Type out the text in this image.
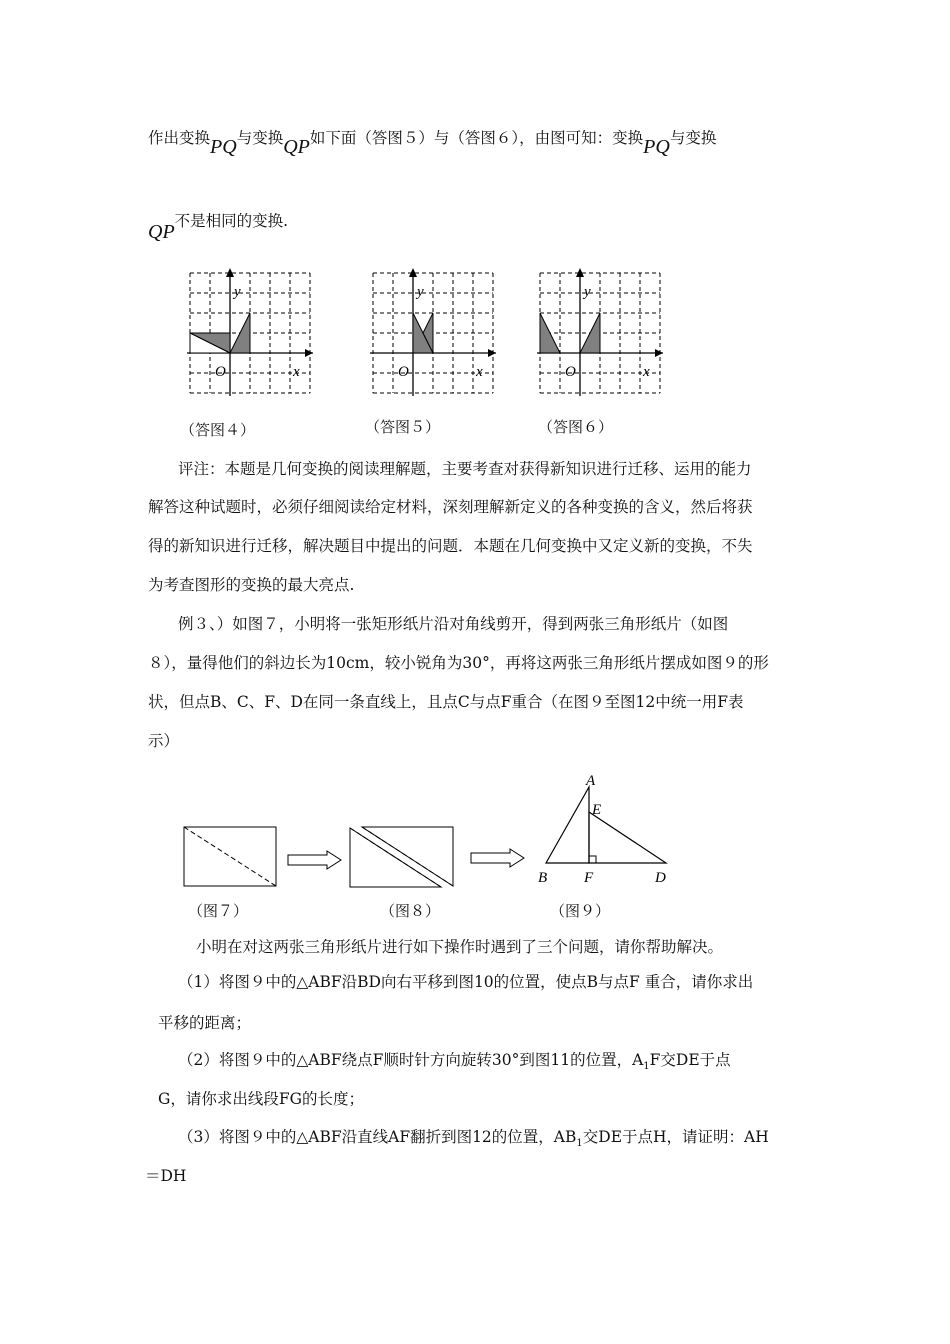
作出变换PQ与变换QP如下面（答图５）与（答图６），由图可知：变换PQ与变换
QP不是相同的变换.
y
x
O
y
x
O
y
x
O
（答图４）	（答图５）	（答图６）
评注：本题是几何变换的阅读理解题，主要考查对获得新知识进行迁移、运用的能力
解答这种试题时，必须仔细阅读给定材料，深刻理解新定义的各种变换的含义，然后将获
得的新知识进行迁移，解决题目中提出的问题．本题在几何变换中又定义新的变换，不失
为考查图形的变换的最大亮点.
例３、）如图７，小明将一张矩形纸片沿对角线剪开，得到两张三角形纸片（如图
８），量得他们的斜边长为10cm，较小锐角为30°，再将这两张三角形纸片摆成如图９的形
状，但点B、C、F、D在同一条直线上，且点C与点F重合（在图９至图12中统一用F表
示）
A
E
B F	D
（图７）	（图８）	（图９）
小明在对这两张三角形纸片进行如下操作时遇到了三个问题，请你帮助解决。
（1）将图９中的△ABF沿BD向右平移到图10的位置，使点B与点F 重合，请你求出
平移的距离；
（2）将图９中的△ABF绕点F顺时针方向旋转30°到图11的位置，$A_1F$交DE于点
G，请你求出线段FG的长度；
（3）将图９中的△ABF沿直线AF翻折到图12的位置，$AB_1$交DE于点H，请证明：AH
＝DH
